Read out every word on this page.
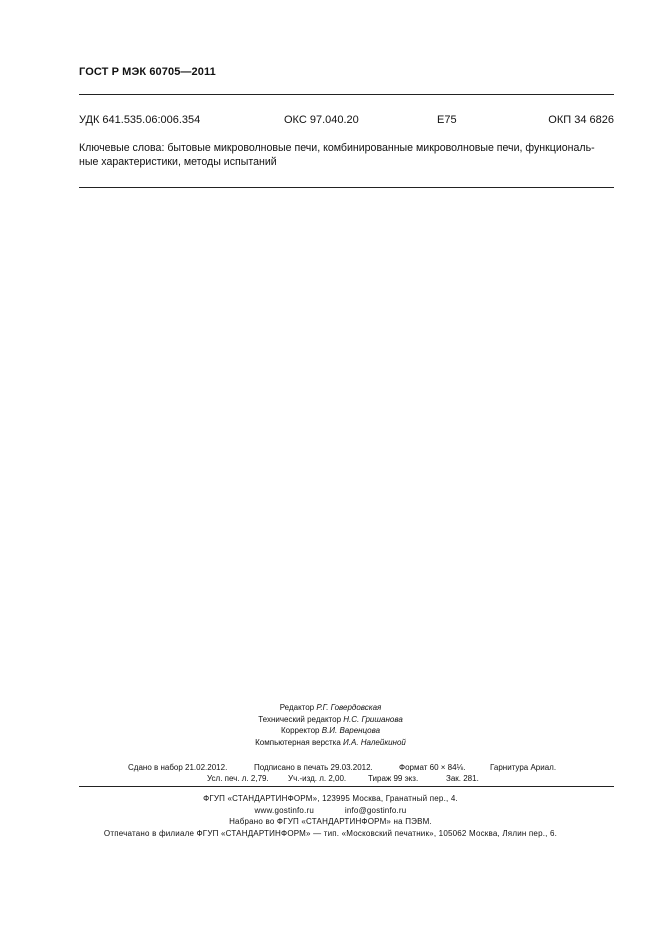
ГОСТ Р МЭК 60705—2011
УДК 641.535.06:006.354	ОКС 97.040.20	Е75	ОКП 34 6826
Ключевые слова: бытовые микроволновые печи, комбинированные микроволновые печи, функциональ-
ные характеристики, методы испытаний
Редактор Р.Г. Говердовская
Технический редактор Н.С. Гришанова
Корректор В.И. Варенцова
Компьютерная верстка И.А. Налейкиной
Сдано в набор 21.02.2012.	Подписано в печать 29.03.2012.	Формат 60 × 84⅛.	Гарнитура Ариал.
Усл. печ. л. 2,79. Уч.-изд. л. 2,00.	Тираж 99 экз.	Зак. 281.
ФГУП «СТАНДАРТИНФОРМ», 123995 Москва, Гранатный пер., 4.
www.gostinfo.ru	info@gostinfo.ru
Набрано во ФГУП «СТАНДАРТИНФОРМ» на ПЭВМ.
Отпечатано в филиале ФГУП «СТАНДАРТИНФОРМ» — тип. «Московский печатник», 105062 Москва, Лялин пер., 6.
